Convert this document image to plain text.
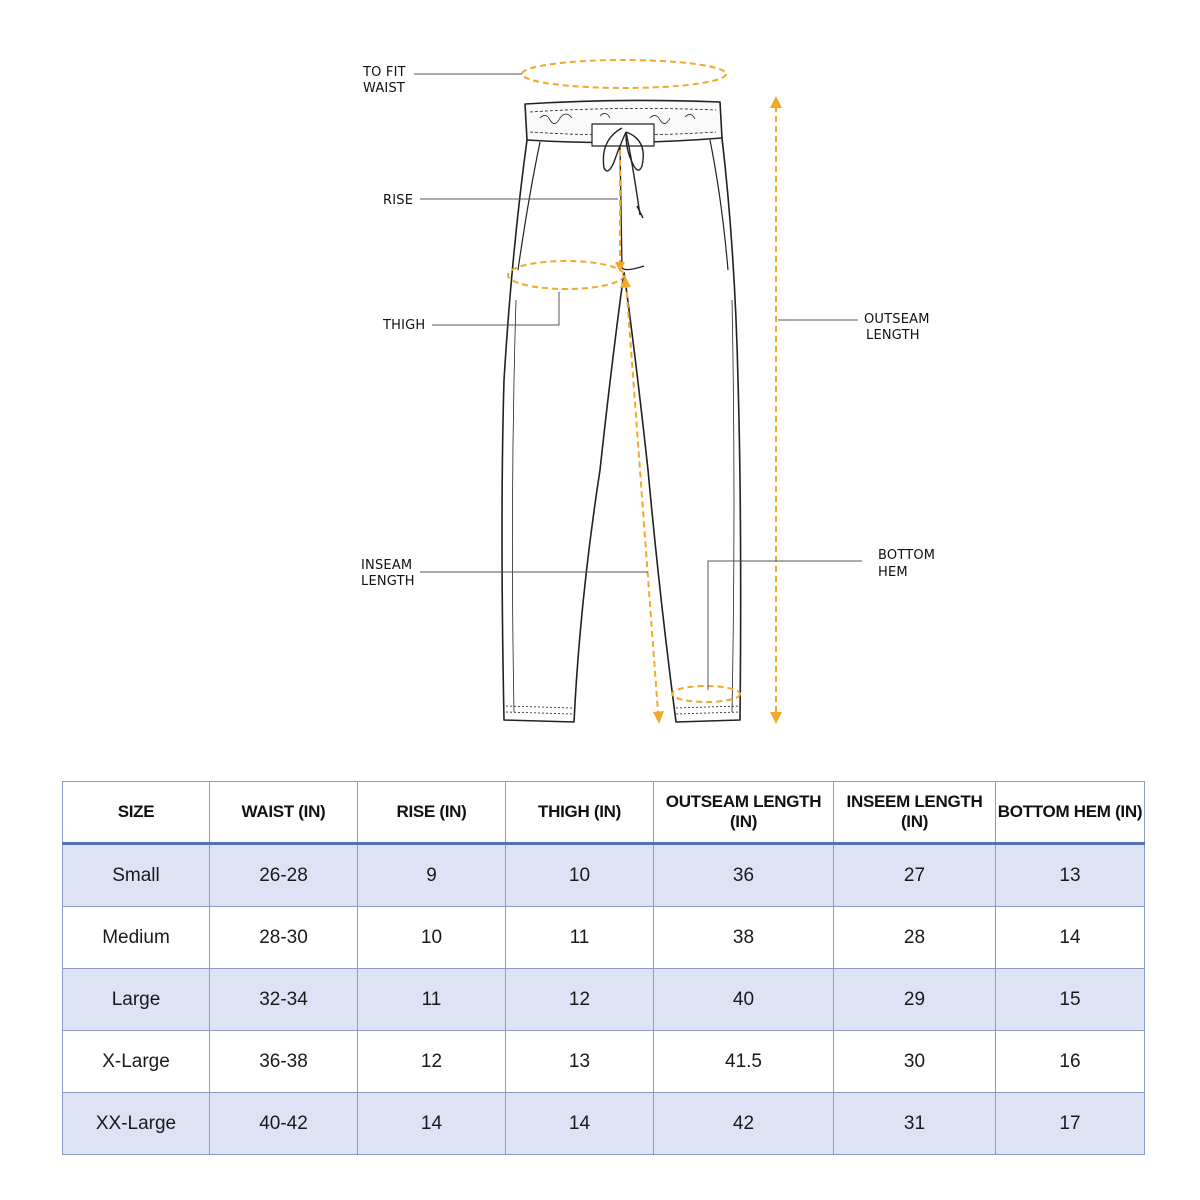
TO FIT
WAIST
RISE
THIGH
INSEAM
LENGTH
OUTSEAM
LENGTH
BOTTOM
HEM
SIZE	WAIST (IN)	RISE (IN)	THIGH (IN)	OUTSEAM LENGTH (IN)	INSEEM LENGTH (IN)	BOTTOM HEM (IN)
Small	26-28	9	10	36	27	13
Medium	28-30	10	11	38	28	14
Large	32-34	11	12	40	29	15
X-Large	36-38	12	13	41.5	30	16
XX-Large	40-42	14	14	42	31	17
